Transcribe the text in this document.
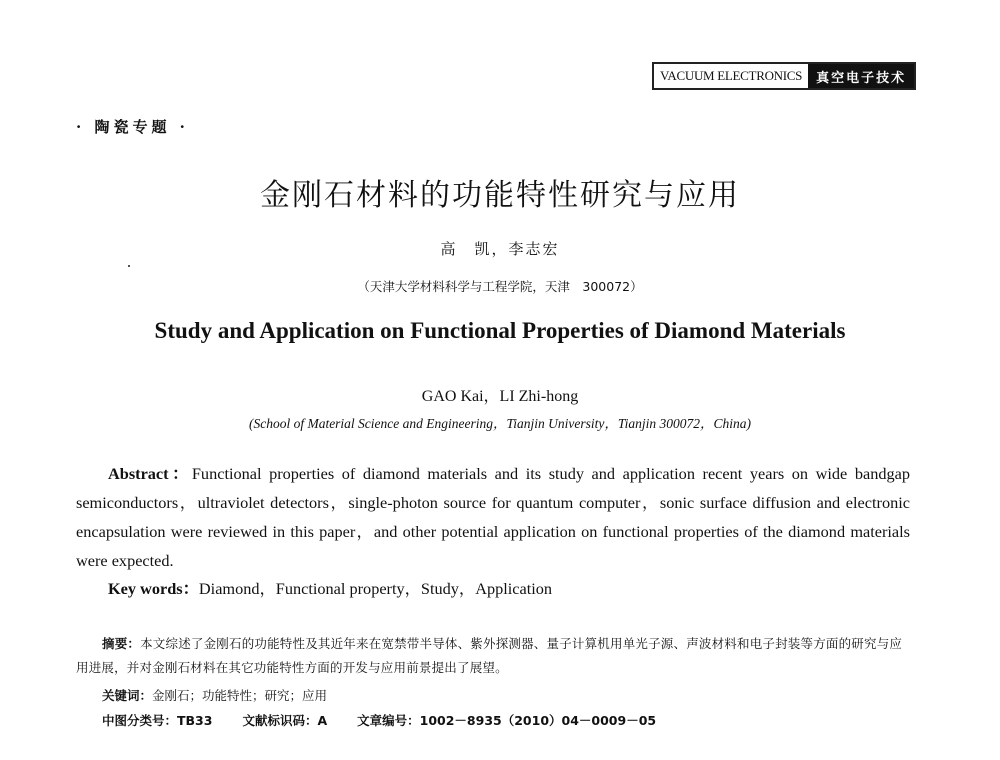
VACUUM ELECTRONICS	真空电子技术
· 陶瓷专题 ·
金刚石材料的功能特性研究与应用
高　凯，李志宏
（天津大学材料科学与工程学院，天津　300072）
Study and Application on Functional Properties of Diamond Materials
GAO Kai，LI Zhi-hong
(School of Material Science and Engineering，Tianjin University，Tianjin 300072，China)

Abstract：Functional properties of diamond materials and its study and application recent years on wide bandgap semiconductors，ultraviolet detectors，single-photon source for quantum computer，sonic surface diffusion and electronic encapsulation were reviewed in this paper，and other potential application on functional properties of the diamond materials were expected.

Key words：Diamond，Functional property，Study，Application

摘要：本文综述了金刚石的功能特性及其近年来在宽禁带半导体、紫外探测器、量子计算机用单光子源、声波材料和电子封装等方面的研究与应用进展，并对金刚石材料在其它功能特性方面的开发与应用前景提出了展望。

关键词：金刚石；功能特性；研究；应用
中图分类号：TB33 文献标识码：A 文章编号：1002－8935（2010）04－0009－05
